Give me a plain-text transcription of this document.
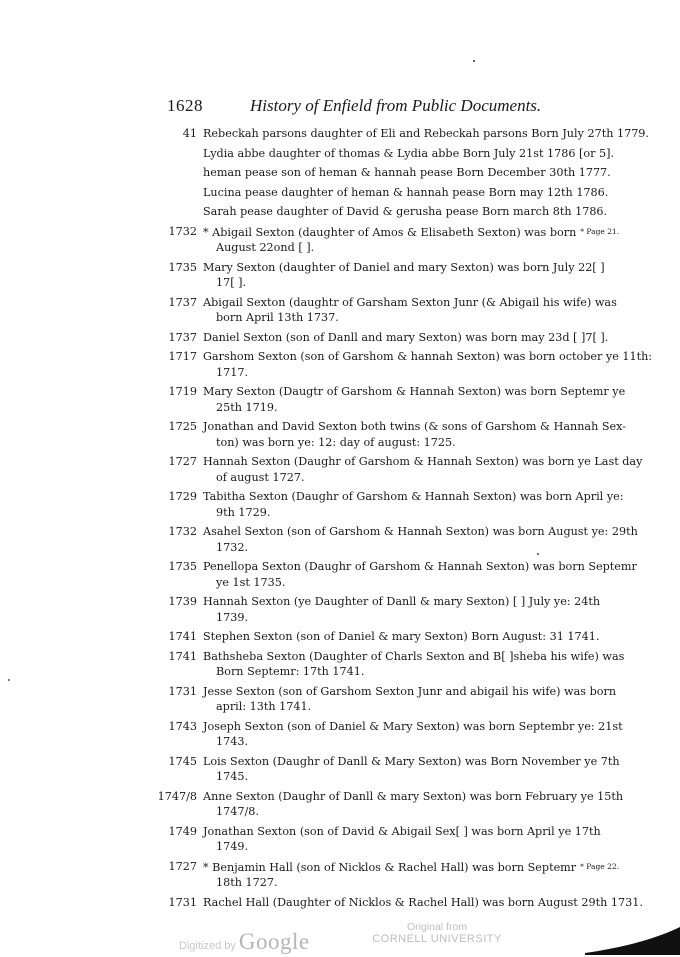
1628	History of Enfield from Public Documents.
41 Rebeckah parsons daughter of Eli and Rebeckah parsons Born July 27th 1779.
Lydia abbe daughter of thomas & Lydia abbe Born July 21st 1786 [or 5].
heman pease son of heman & hannah pease Born December 30th 1777.
Lucina pease daughter of heman & hannah pease Born may 12th 1786.
Sarah pease daughter of David & gerusha pease Born march 8th 1786.
1732 * Abigail Sexton (daughter of Amos & Elisabeth Sexton) was born * Page 21.
August 22ond [ ].
1735 Mary Sexton (daughter of Daniel and mary Sexton) was born July 22[ ]
17[ ].
1737 Abigail Sexton (daughtr of Garsham Sexton Junr (& Abigail his wife) was
born April 13th 1737.
1737 Daniel Sexton (son of Danll and mary Sexton) was born may 23d [ ]7[ ].
1717 Garshom Sexton (son of Garshom & hannah Sexton) was born october ye 11th:
1717.
1719 Mary Sexton (Daugtr of Garshom & Hannah Sexton) was born Septemr ye
25th 1719.
1725 Jonathan and David Sexton both twins (& sons of Garshom & Hannah Sex-
ton) was born ye: 12: day of august: 1725.
1727 Hannah Sexton (Daughr of Garshom & Hannah Sexton) was born ye Last day
of august 1727.
1729 Tabitha Sexton (Daughr of Garshom & Hannah Sexton) was born April ye:
9th 1729.
1732 Asahel Sexton (son of Garshom & Hannah Sexton) was born August ye: 29th
1732.
1735 Penellopa Sexton (Daughr of Garshom & Hannah Sexton) was born Septemr
ye 1st 1735.
1739 Hannah Sexton (ye Daughter of Danll & mary Sexton) [ ] July ye: 24th
1739.
1741 Stephen Sexton (son of Daniel & mary Sexton) Born August: 31 1741.
1741 Bathsheba Sexton (Daughter of Charls Sexton and B[ ]sheba his wife) was
Born Septemr: 17th 1741.
1731 Jesse Sexton (son of Garshom Sexton Junr and abigail his wife) was born
april: 13th 1741.
1743 Joseph Sexton (son of Daniel & Mary Sexton) was born Septembr ye: 21st
1743.
1745 Lois Sexton (Daughr of Danll & Mary Sexton) was Born November ye 7th
1745.
1747/8 Anne Sexton (Daughr of Danll & mary Sexton) was born February ye 15th
1747/8.
1749 Jonathan Sexton (son of David & Abigail Sex[ ] was born April ye 17th
1749.
1727 * Benjamin Hall (son of Nicklos & Rachel Hall) was born Septemr * Page 22.
18th 1727.
1731 Rachel Hall (Daughter of Nicklos & Rachel Hall) was born August 29th 1731.
Digitized by Google
Original from
CORNELL UNIVERSITY
